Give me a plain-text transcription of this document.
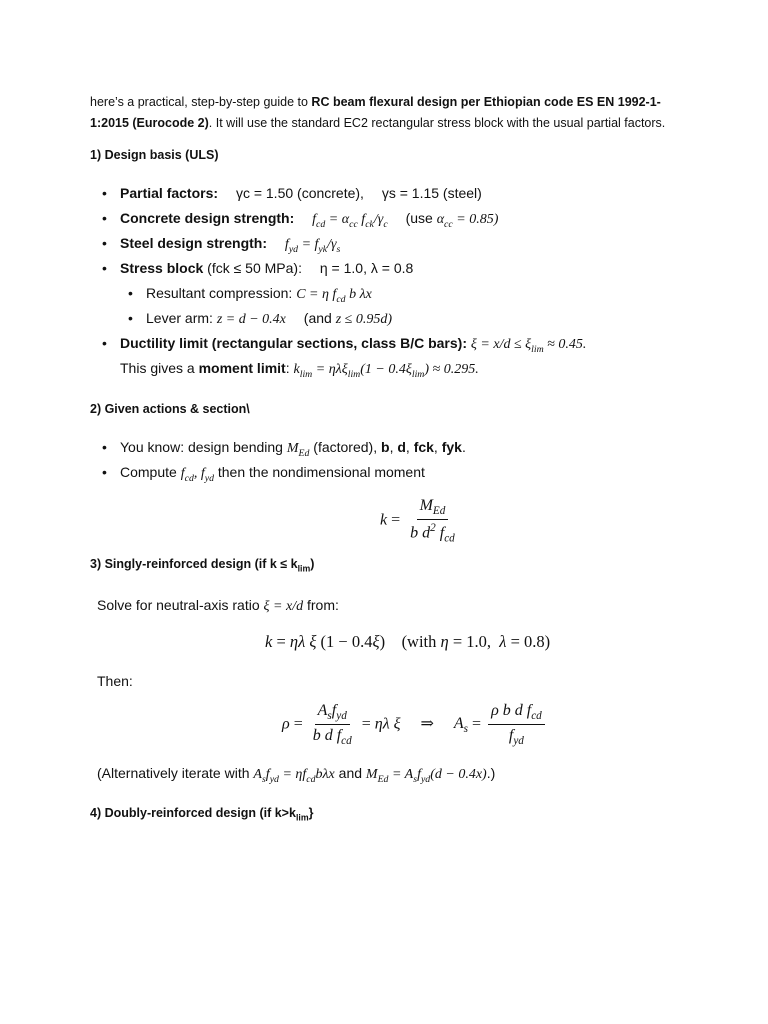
here’s a practical, step-by-step guide to RC beam flexural design per Ethiopian code ES EN 1992-1-1:2015 (Eurocode 2). It will use the standard EC2 rectangular stress block with the usual partial factors.

1) Design basis (ULS)
• Partial factors: γc = 1.50 (concrete), γs = 1.15 (steel)
• Concrete design strength: $f_{cd} = \alpha_{cc}$ $f_{ck}/\gamma_c$ (use $\alpha_{cc} = 0.85$)
• Steel design strength: $f_{yd} = f_{yk}/\gamma_s$
• Stress block (fck ≤ 50 MPa): η = 1.0, λ = 0.8
• Resultant compression: C = η $f_{cd}$ b λx
• Lever arm: z = d − 0.4x (and z ≤ 0.95d)
• Ductility limit (rectangular sections, class B/C bars): $\xi = x/d \le \xi_{lim} \approx 0.45$.
This gives a moment limit: $k_{lim} = \eta\lambda\xi_{lim}(1 - 0.4\xi_{lim}) \approx 0.295$.
2) Given actions & section\
• You know: design bending $M_{Ed}$ (factored), b, d, fck, fyk.
• Compute $f_{cd}$, $f_{yd}$ then the nondimensional moment
$k = \frac{M_{Ed}}{b d^2 f_{cd}}$
3) Singly-reinforced design (if $k \le k_{lim}$)
Solve for neutral-axis ratio ξ = x/d from:
k = ηλ ξ (1 − 0.4ξ)    (with η = 1.0,  λ = 0.8)
Then:
$\rho = \frac{A_sf_{yd}}{b d f_{cd}} = \eta\lambda$ ξ     ⇒     $A_s = \frac{\rho b d f_{cd}}{f_{yd}}$
(Alternatively iterate with $A_sf_{yd} = \eta f_{cd}b\lambda x$ and $M_{Ed} = A_sf_{yd}(d - 0.4x)$.)
4) Doubly-reinforced design (if $k>k_{lim}$}
